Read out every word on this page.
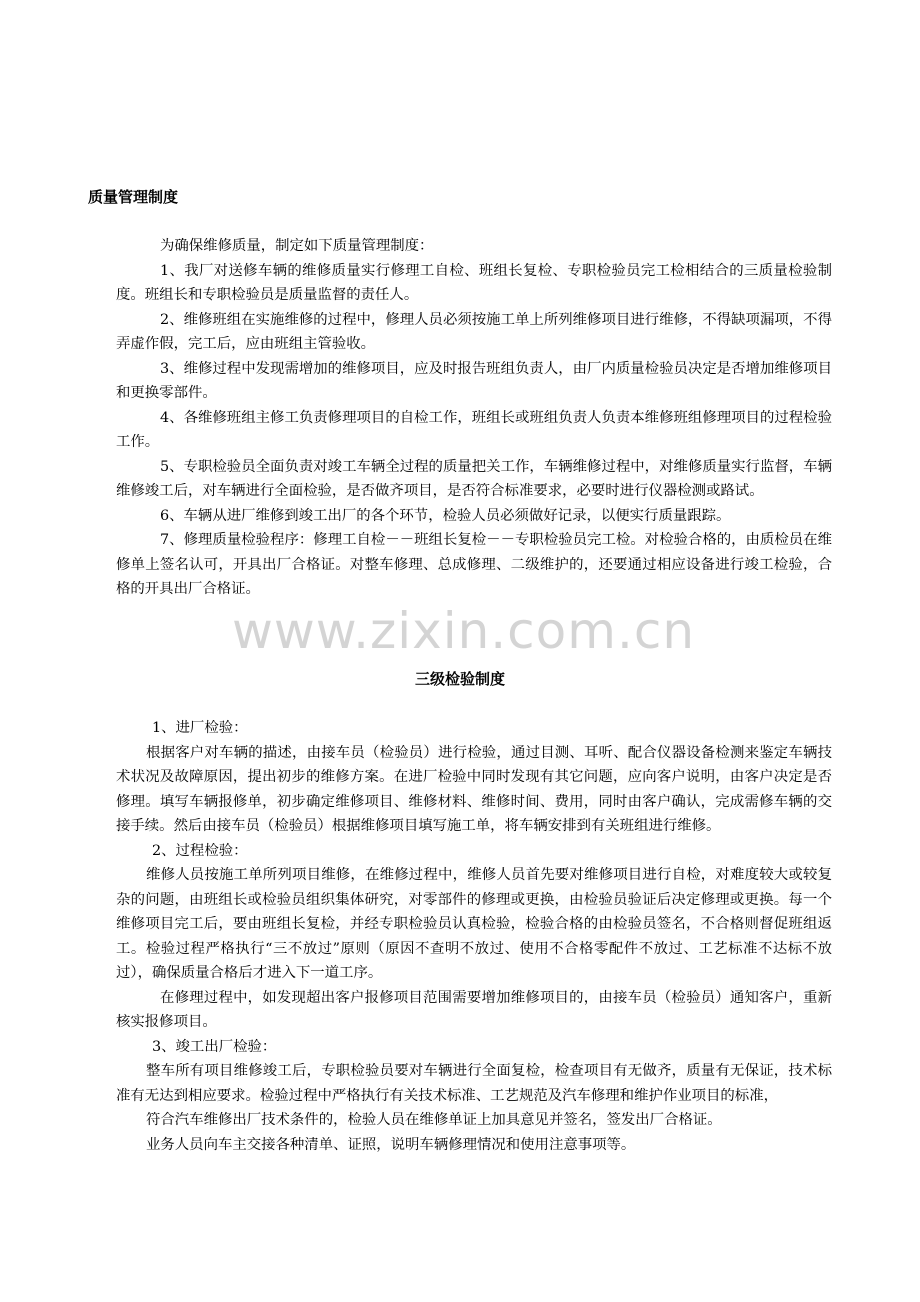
质量管理制度

为确保维修质量，制定如下质量管理制度：

1、我厂对送修车辆的维修质量实行修理工自检、班组长复检、专职检验员完工检相结合的三质量检验制度。班组长和专职检验员是质量监督的责任人。

2、维修班组在实施维修的过程中，修理人员必须按施工单上所列维修项目进行维修，不得缺项漏项，不得弄虚作假，完工后，应由班组主管验收。

3、维修过程中发现需增加的维修项目，应及时报告班组负责人，由厂内质量检验员决定是否增加维修项目和更换零部件。

4、各维修班组主修工负责修理项目的自检工作，班组长或班组负责人负责本维修班组修理项目的过程检验工作。

5、专职检验员全面负责对竣工车辆全过程的质量把关工作，车辆维修过程中，对维修质量实行监督，车辆维修竣工后，对车辆进行全面检验，是否做齐项目，是否符合标准要求，必要时进行仪器检测或路试。

6、车辆从进厂维修到竣工出厂的各个环节，检验人员必须做好记录，以便实行质量跟踪。

7、修理质量检验程序：修理工自检－－班组长复检－－专职检验员完工检。对检验合格的，由质检员在维修单上签名认可，开具出厂合格证。对整车修理、总成修理、二级维护的，还要通过相应设备进行竣工检验，合格的开具出厂合格证。

www.zixin.com.cn
三级检验制度

1、进厂检验：

根据客户对车辆的描述，由接车员（检验员）进行检验，通过目测、耳听、配合仪器设备检测来鉴定车辆技术状况及故障原因，提出初步的维修方案。在进厂检验中同时发现有其它问题，应向客户说明，由客户决定是否修理。填写车辆报修单，初步确定维修项目、维修材料、维修时间、费用，同时由客户确认，完成需修车辆的交接手续。然后由接车员（检验员）根据维修项目填写施工单，将车辆安排到有关班组进行维修。

2、过程检验：

维修人员按施工单所列项目维修，在维修过程中，维修人员首先要对维修项目进行自检，对难度较大或较复杂的问题，由班组长或检验员组织集体研究，对零部件的修理或更换，由检验员验证后决定修理或更换。每一个维修项目完工后，要由班组长复检，并经专职检验员认真检验，检验合格的由检验员签名，不合格则督促班组返工。检验过程严格执行“三不放过”原则（原因不查明不放过、使用不合格零配件不放过、工艺标准不达标不放过），确保质量合格后才进入下一道工序。

在修理过程中，如发现超出客户报修项目范围需要增加维修项目的，由接车员（检验员）通知客户，重新核实报修项目。

3、竣工出厂检验：

整车所有项目维修竣工后，专职检验员要对车辆进行全面复检，检查项目有无做齐，质量有无保证，技术标准有无达到相应要求。检验过程中严格执行有关技术标准、工艺规范及汽车修理和维护作业项目的标准，

符合汽车维修出厂技术条件的，检验人员在维修单证上加具意见并签名，签发出厂合格证。

业务人员向车主交接各种清单、证照，说明车辆修理情况和使用注意事项等。
